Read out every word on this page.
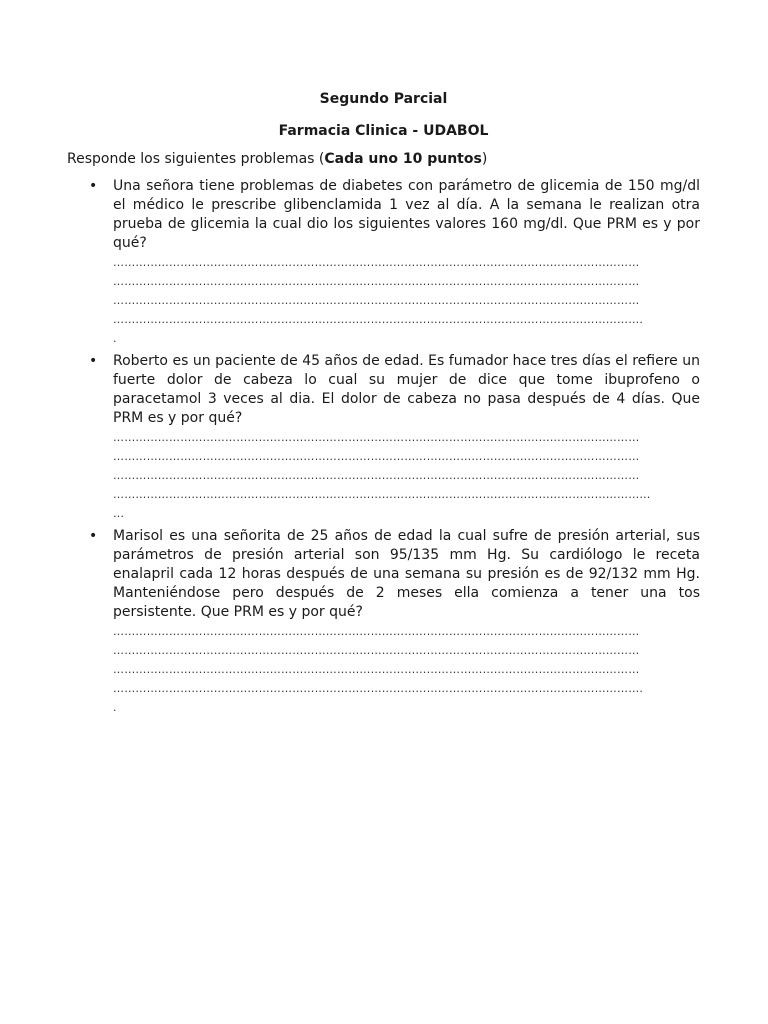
Segundo Parcial

Farmacia Clinica - UDABOL

Responde los siguientes problemas (Cada uno 10 puntos)

• Una señora tiene problemas de diabetes con parámetro de glicemia de 150 mg/dl el médico le prescribe glibenclamida 1 vez al día. A la semana le realizan otra prueba de glicemia la cual dio los siguientes valores 160 mg/dl. Que PRM es y por qué?

……………………………………………………………………………………………………………………………
……………………………………………………………………………………………………………………………
……………………………………………………………………………………………………………………………
…………………………………………………………………………………………………………………………….
.
• Roberto es un paciente de 45 años de edad. Es fumador hace tres días el refiere un fuerte dolor de cabeza lo cual su mujer de dice que tome ibuprofeno o paracetamol 3 veces al dia. El dolor de cabeza no pasa después de 4 días. Que PRM es y por qué?

……………………………………………………………………………………………………………………………
……………………………………………………………………………………………………………………………
……………………………………………………………………………………………………………………………
………………………………………………………………………………………………………………………………
…
• Marisol es una señorita de 25 años de edad la cual sufre de presión arterial, sus parámetros de presión arterial son 95/135 mm Hg. Su cardiólogo le receta enalapril cada 12 horas después de una semana su presión es de 92/132 mm Hg. Manteniéndose pero después de 2 meses ella comienza a tener una tos persistente. Que PRM es y por qué?

……………………………………………………………………………………………………………………………
……………………………………………………………………………………………………………………………
……………………………………………………………………………………………………………………………
…………………………………………………………………………………………………………………………….
.
